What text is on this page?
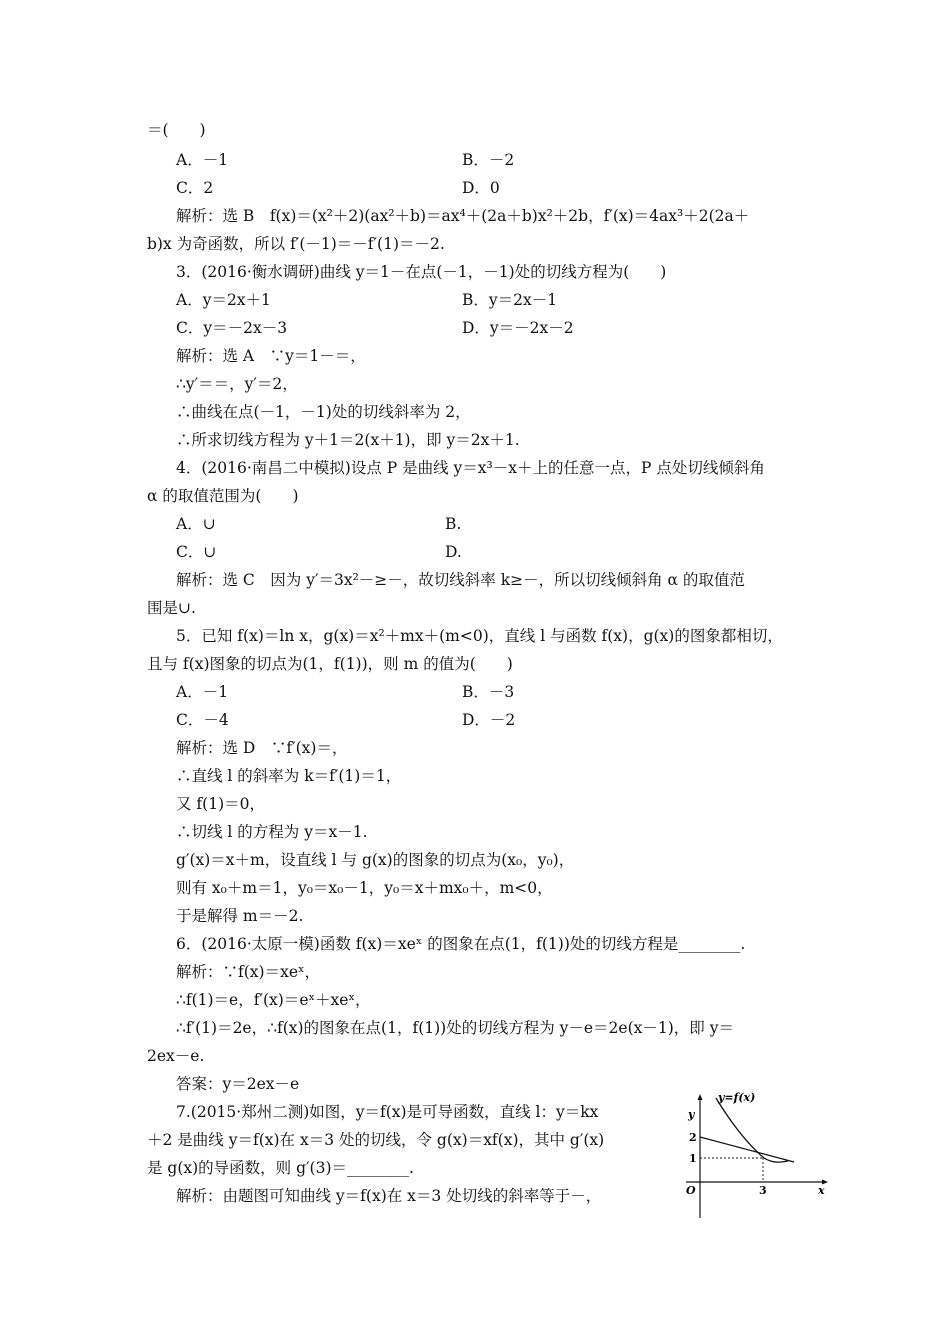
＝(　　)
A．－1	B．－2
C．2	D．0
解析：选 B　f(x)＝(x²＋2)(ax²＋b)＝ax⁴＋(2a＋b)x²＋2b，f′(x)＝4ax³＋2(2a＋
b)x 为奇函数，所以 f′(－1)＝－f′(1)＝－2.
3．(2016·衡水调研)曲线 y＝1－在点(－1，－1)处的切线方程为(　　)
A．y＝2x＋1	B．y＝2x－1
C．y＝－2x－3	D．y＝－2x－2
解析：选 A　∵y＝1－＝，
∴y′＝＝，y′＝2，
∴曲线在点(－1，－1)处的切线斜率为 2，
∴所求切线方程为 y＋1＝2(x＋1)，即 y＝2x＋1.
4．(2016·南昌二中模拟)设点 P 是曲线 y＝x³－x＋上的任意一点，P 点处切线倾斜角
α 的取值范围为(　　)
A．∪	B.
C．∪	D.
解析：选 C　因为 y′＝3x²－≥－，故切线斜率 k≥－，所以切线倾斜角 α 的取值范
围是∪.
5．已知 f(x)＝ln x，g(x)＝x²＋mx＋(m<0)，直线 l 与函数 f(x)，g(x)的图象都相切，
且与 f(x)图象的切点为(1，f(1))，则 m 的值为(　　)
A．－1	B．－3
C．－4	D．－2
解析：选 D　∵f′(x)＝，
∴直线 l 的斜率为 k＝f′(1)＝1，
又 f(1)＝0，
∴切线 l 的方程为 y＝x－1.
g′(x)＝x＋m，设直线 l 与 g(x)的图象的切点为(x₀，y₀)，
则有 x₀＋m＝1，y₀＝x₀－1，y₀＝x＋mx₀＋，m<0，
于是解得 m＝－2.
6．(2016·太原一模)函数 f(x)＝xeˣ 的图象在点(1，f(1))处的切线方程是________.
解析：∵f(x)＝xeˣ，
∴f(1)＝e，f′(x)＝eˣ＋xeˣ，
∴f′(1)＝2e，∴f(x)的图象在点(1，f(1))处的切线方程为 y－e＝2e(x－1)，即 y＝
2ex－e.
答案：y＝2ex－e
7.(2015·郑州二测)如图，y＝f(x)是可导函数，直线 l：y＝kx
＋2 是曲线 y＝f(x)在 x＝3 处的切线，令 g(x)＝xf(x)，其中 g′(x)
是 g(x)的导函数，则 g′(3)＝________.
解析：由题图可知曲线 y＝f(x)在 x＝3 处切线的斜率等于－，
y=f(x)
y
x
O
2
1
3
